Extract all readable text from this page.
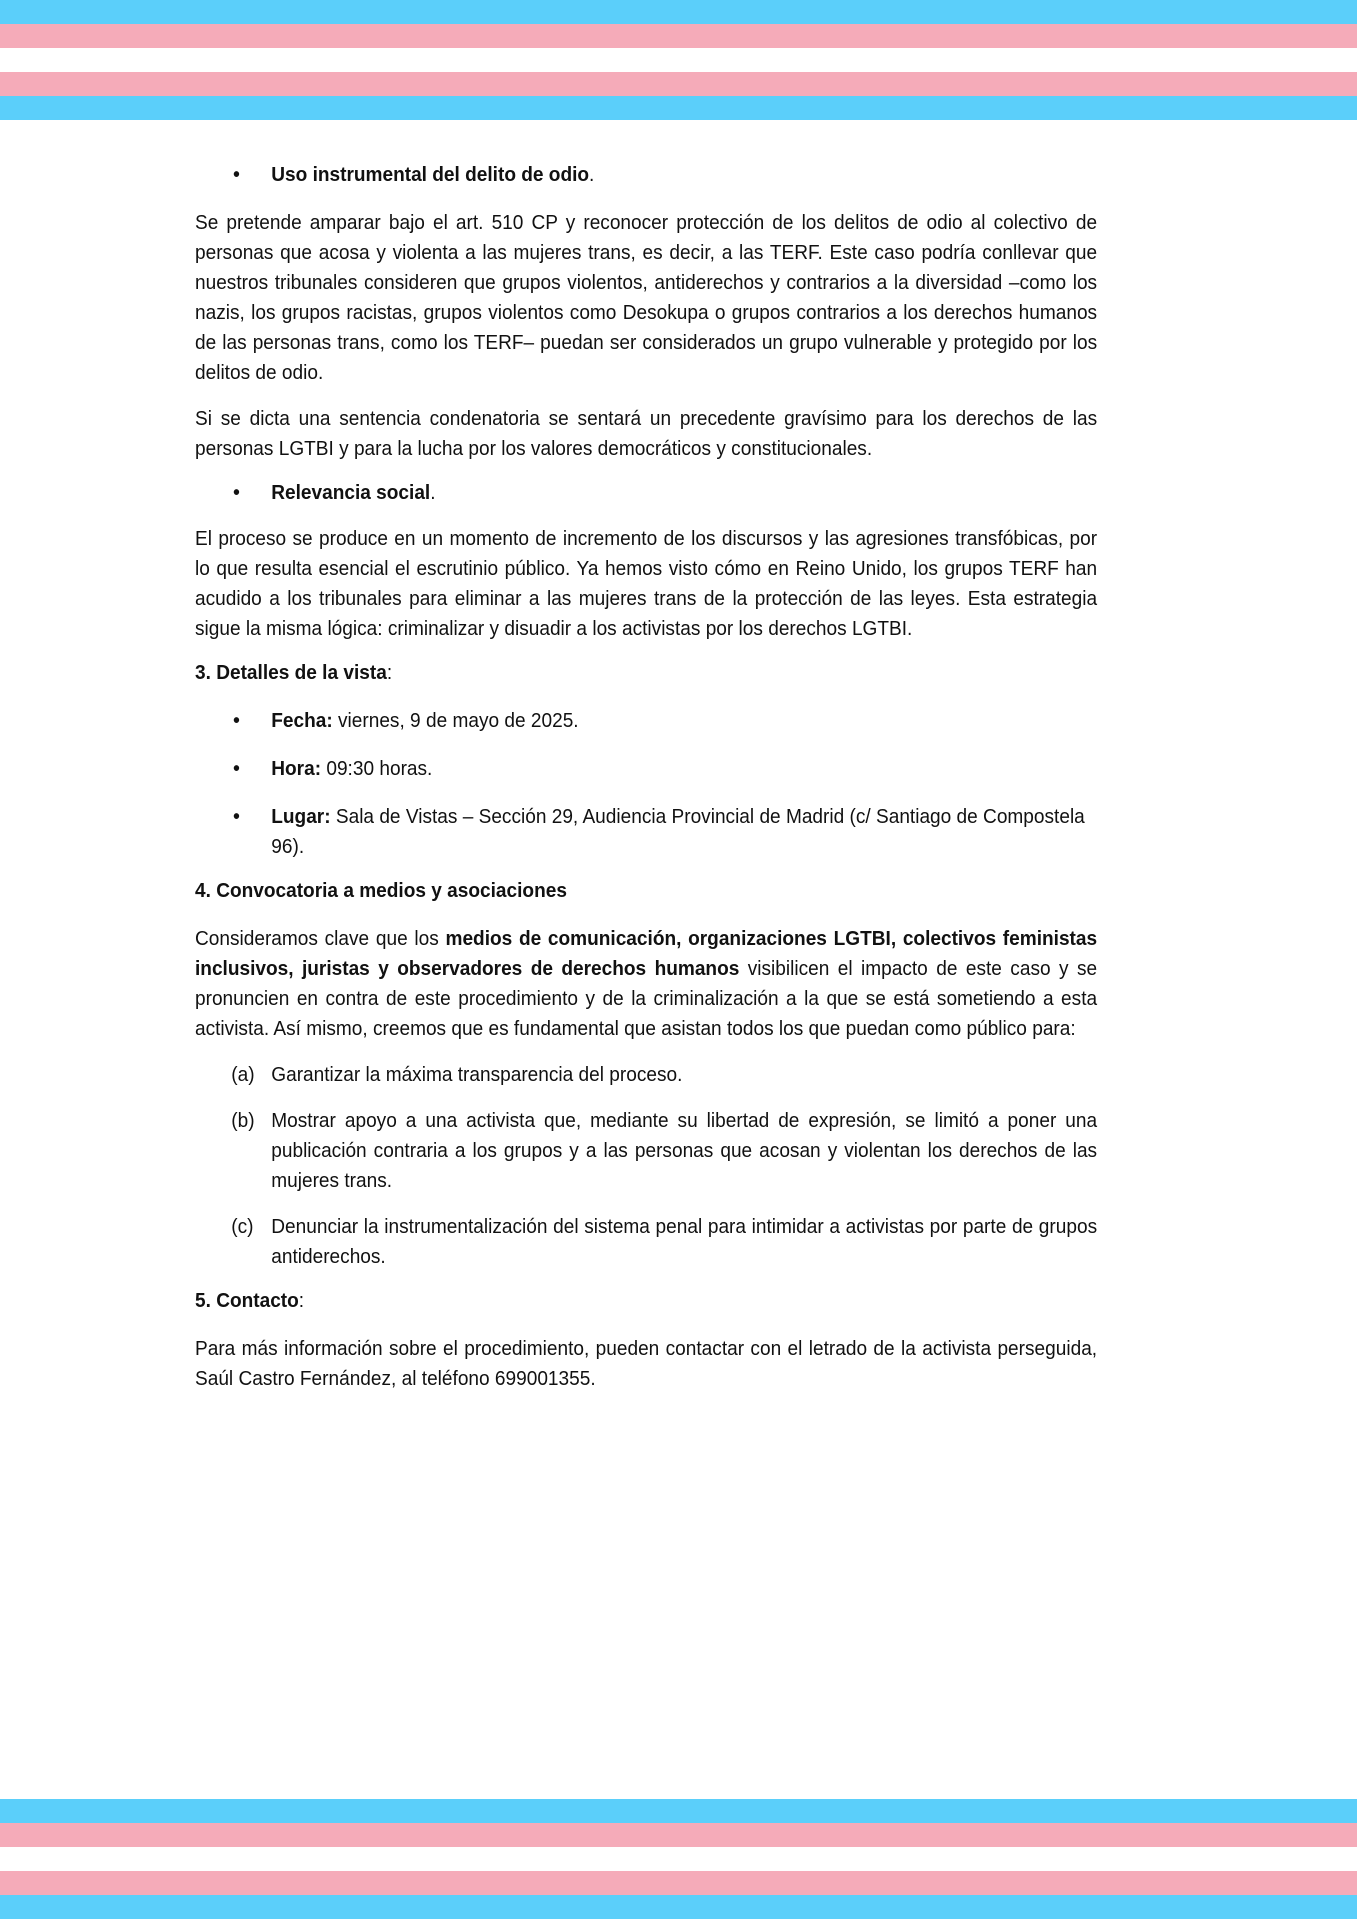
• Uso instrumental del delito de odio.

Se pretende amparar bajo el art. 510 CP y reconocer protección de los delitos de odio al colectivo de personas que acosa y violenta a las mujeres trans, es decir, a las TERF. Este caso podría conllevar que nuestros tribunales consideren que grupos violentos, antiderechos y contrarios a la diversidad –como los nazis, los grupos racistas, grupos violentos como Desokupa o grupos contrarios a los derechos humanos de las personas trans, como los TERF– puedan ser considerados un grupo vulnerable y protegido por los delitos de odio.

Si se dicta una sentencia condenatoria se sentará un precedente gravísimo para los derechos de las personas LGTBI y para la lucha por los valores democráticos y constitucionales.

• Relevancia social.

El proceso se produce en un momento de incremento de los discursos y las agresiones transfóbicas, por lo que resulta esencial el escrutinio público. Ya hemos visto cómo en Reino Unido, los grupos TERF han acudido a los tribunales para eliminar a las mujeres trans de la protección de las leyes. Esta estrategia sigue la misma lógica: criminalizar y disuadir a los activistas por los derechos LGTBI.

3. Detalles de la vista:

• Fecha: viernes, 9 de mayo de 2025.

• Hora: 09:30 horas.

• Lugar: Sala de Vistas – Sección 29, Audiencia Provincial de Madrid (c/ Santiago de Compostela 96).

4. Convocatoria a medios y asociaciones

Consideramos clave que los medios de comunicación, organizaciones LGTBI, colectivos feministas inclusivos, juristas y observadores de derechos humanos visibilicen el impacto de este caso y se pronuncien en contra de este procedimiento y de la criminalización a la que se está sometiendo a esta activista. Así mismo, creemos que es fundamental que asistan todos los que puedan como público para:

(a) Garantizar la máxima transparencia del proceso.

(b) Mostrar apoyo a una activista que, mediante su libertad de expresión, se limitó a poner una publicación contraria a los grupos y a las personas que acosan y violentan los derechos de las mujeres trans.

(c) Denunciar la instrumentalización del sistema penal para intimidar a activistas por parte de grupos antiderechos.

5. Contacto:

Para más información sobre el procedimiento, pueden contactar con el letrado de la activista perseguida, Saúl Castro Fernández, al teléfono 699001355.
